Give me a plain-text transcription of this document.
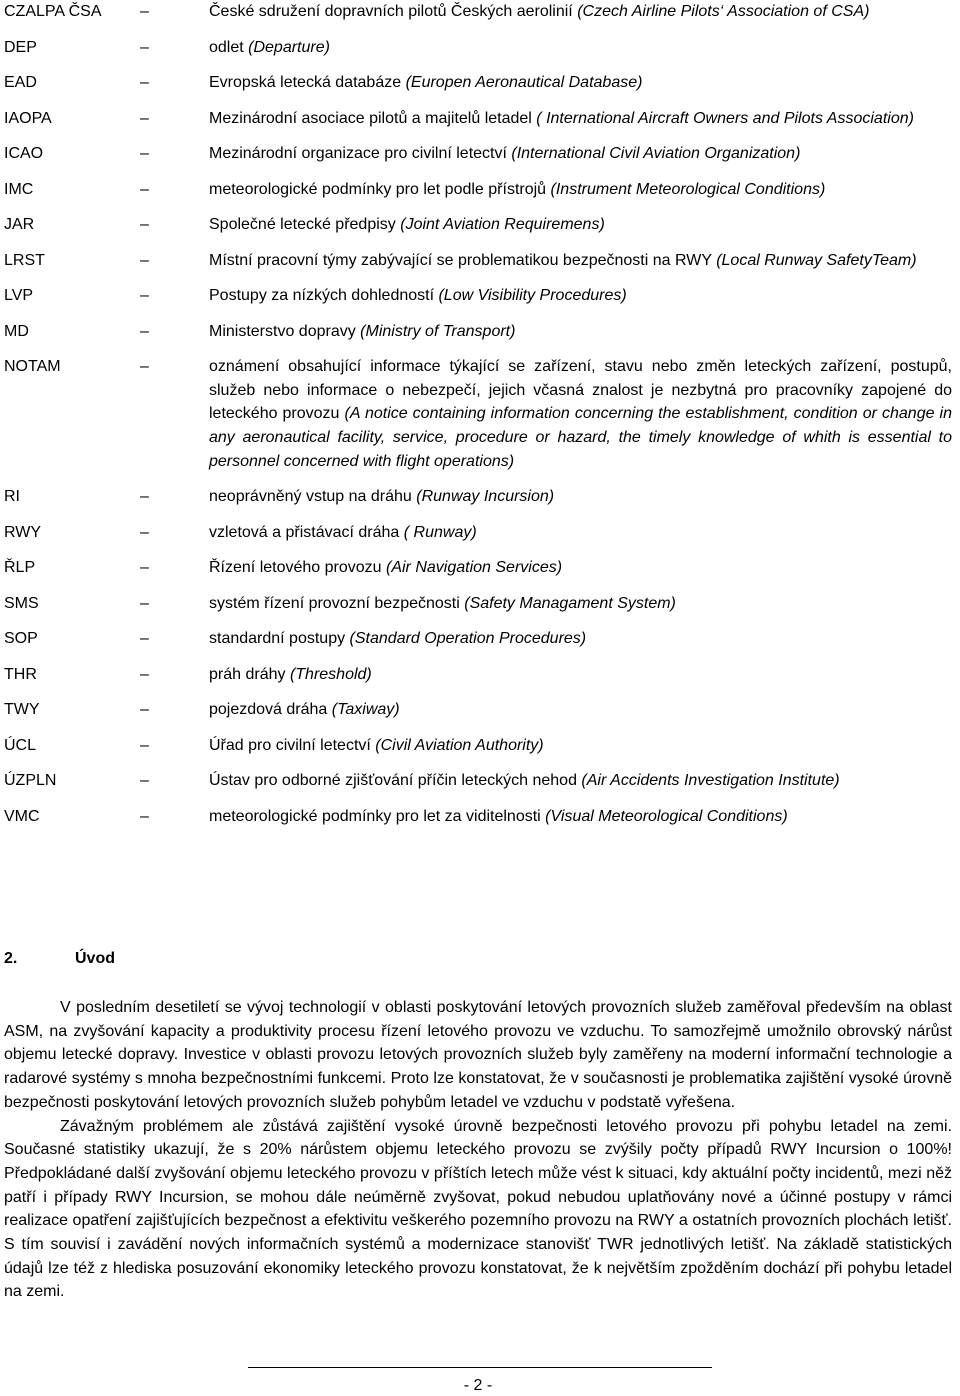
CZALPA ČSA –	České sdružení dopravních pilotů Českých aerolinií (Czech Airline Pilots‘ Association of CSA)
DEP	–	odlet (Departure)
EAD	–	Evropská letecká databáze (Europen Aeronautical Database)
IAOPA	–	Mezinárodní asociace pilotů a majitelů letadel ( International Aircraft Owners and Pilots Association)
ICAO	–	Mezinárodní organizace pro civilní letectví (International Civil Aviation Organization)
IMC	–	meteorologické podmínky pro let podle přístrojů (Instrument Meteorological Conditions)
JAR	–	Společné letecké předpisy (Joint Aviation Requiremens)
LRST	–	Místní pracovní týmy zabývající se problematikou bezpečnosti na RWY (Local Runway SafetyTeam)
LVP	–	Postupy za nízkých dohledností (Low Visibility Procedures)
MD	–	Ministerstvo dopravy (Ministry of Transport)
NOTAM	–	oznámení obsahující informace týkající se zařízení, stavu nebo změn leteckých zařízení, postupů, služeb nebo informace o nebezpečí, jejich včasná znalost je nezbytná pro pracovníky zapojené do leteckého provozu (A notice containing information concerning the establishment, condition or change in any aeronautical facility, service, procedure or hazard, the timely knowledge of whith is essential to personnel concerned with flight operations)
RI	–	neoprávněný vstup na dráhu (Runway Incursion)
RWY	–	vzletová a přistávací dráha ( Runway)
ŘLP	–	Řízení letového provozu (Air Navigation Services)
SMS	–	systém řízení provozní bezpečnosti (Safety Managament System)
SOP	–	standardní postupy (Standard Operation Procedures)
THR	–	práh dráhy (Threshold)
TWY	–	pojezdová dráha (Taxiway)
ÚCL	–	Úřad pro civilní letectví (Civil Aviation Authority)
ÚZPLN	–	Ústav pro odborné zjišťování příčin leteckých nehod (Air Accidents Investigation Institute)
VMC	–	meteorologické podmínky pro let za viditelnosti (Visual Meteorological Conditions)
2.	Úvod

V posledním desetiletí se vývoj technologií v oblasti poskytování letových provozních služeb zaměřoval především na oblast ASM, na zvyšování kapacity a produktivity procesu řízení letového provozu ve vzduchu. To samozřejmě umožnilo obrovský nárůst objemu letecké dopravy. Investice v oblasti provozu letových provozních služeb byly zaměřeny na moderní informační technologie a radarové systémy s mnoha bezpečnostními funkcemi. Proto lze konstatovat, že v současnosti je problematika zajištění vysoké úrovně bezpečnosti poskytování letových provozních služeb pohybům letadel ve vzduchu v podstatě vyřešena.

Závažným problémem ale zůstává zajištění vysoké úrovně bezpečnosti letového provozu při pohybu letadel na zemi. Současné statistiky ukazují, že s 20% nárůstem objemu leteckého provozu se zvýšily počty případů RWY Incursion o 100%! Předpokládané další zvyšování objemu leteckého provozu v příštích letech může vést k situaci, kdy aktuální počty incidentů, mezi něž patří i případy RWY Incursion, se mohou dále neúměrně zvyšovat, pokud nebudou uplatňovány nové a účinné postupy v rámci realizace opatření zajišťujících bezpečnost a efektivitu veškerého pozemního provozu na RWY a ostatních provozních plochách letišť. S tím souvisí i zavádění nových informačních systémů a modernizace stanovišť TWR jednotlivých letišť. Na základě statistických údajů lze též z hlediska posuzování ekonomiky leteckého provozu konstatovat, že k největším zpožděním dochází při pohybu letadel na zemi.

- 2 -
